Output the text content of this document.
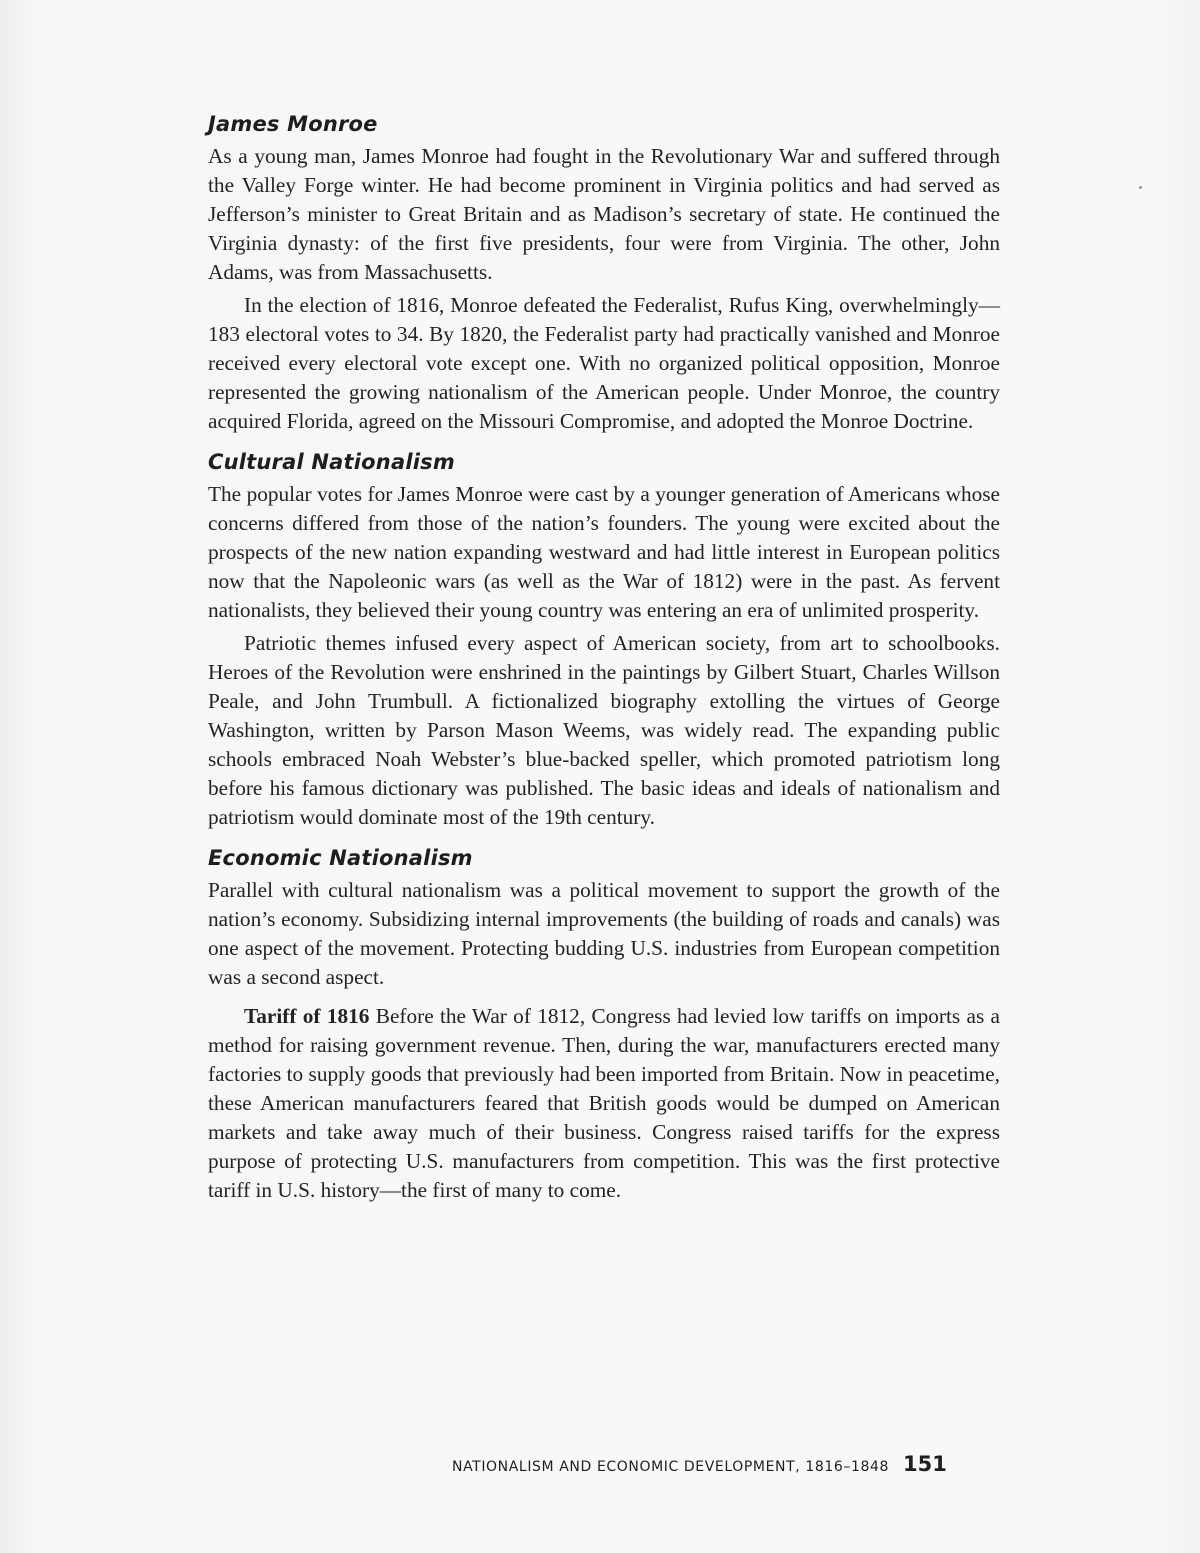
James Monroe

As a young man, James Monroe had fought in the Revolutionary War and suffered through the Valley Forge winter. He had become prominent in Virginia politics and had served as Jefferson’s minister to Great Britain and as Madison’s secretary of state. He continued the Virginia dynasty: of the first five presidents, four were from Virginia. The other, John Adams, was from Massachusetts.

In the election of 1816, Monroe defeated the Federalist, Rufus King, overwhelmingly—183 electoral votes to 34. By 1820, the Federalist party had practically vanished and Monroe received every electoral vote except one. With no organized political opposition, Monroe represented the growing nationalism of the American people. Under Monroe, the country acquired Florida, agreed on the Missouri Compromise, and adopted the Monroe Doctrine.

Cultural Nationalism

The popular votes for James Monroe were cast by a younger generation of Americans whose concerns differed from those of the nation’s founders. The young were excited about the prospects of the new nation expanding westward and had little interest in European politics now that the Napoleonic wars (as well as the War of 1812) were in the past. As fervent nationalists, they believed their young country was entering an era of unlimited prosperity.

Patriotic themes infused every aspect of American society, from art to schoolbooks. Heroes of the Revolution were enshrined in the paintings by Gilbert Stuart, Charles Willson Peale, and John Trumbull. A fictionalized biography extolling the virtues of George Washington, written by Parson Mason Weems, was widely read. The expanding public schools embraced Noah Webster’s blue-backed speller, which promoted patriotism long before his famous dictionary was published. The basic ideas and ideals of nationalism and patriotism would dominate most of the 19th century.

Economic Nationalism

Parallel with cultural nationalism was a political movement to support the growth of the nation’s economy. Subsidizing internal improvements (the building of roads and canals) was one aspect of the movement. Protecting budding U.S. industries from European competition was a second aspect.

Tariff of 1816 Before the War of 1812, Congress had levied low tariffs on imports as a method for raising government revenue. Then, during the war, manufacturers erected many factories to supply goods that previously had been imported from Britain. Now in peacetime, these American manufacturers feared that British goods would be dumped on American markets and take away much of their business. Congress raised tariffs for the express purpose of protecting U.S. manufacturers from competition. This was the first protective tariff in U.S. history—the first of many to come.

NATIONALISM AND ECONOMIC DEVELOPMENT, 1816–1848 151
